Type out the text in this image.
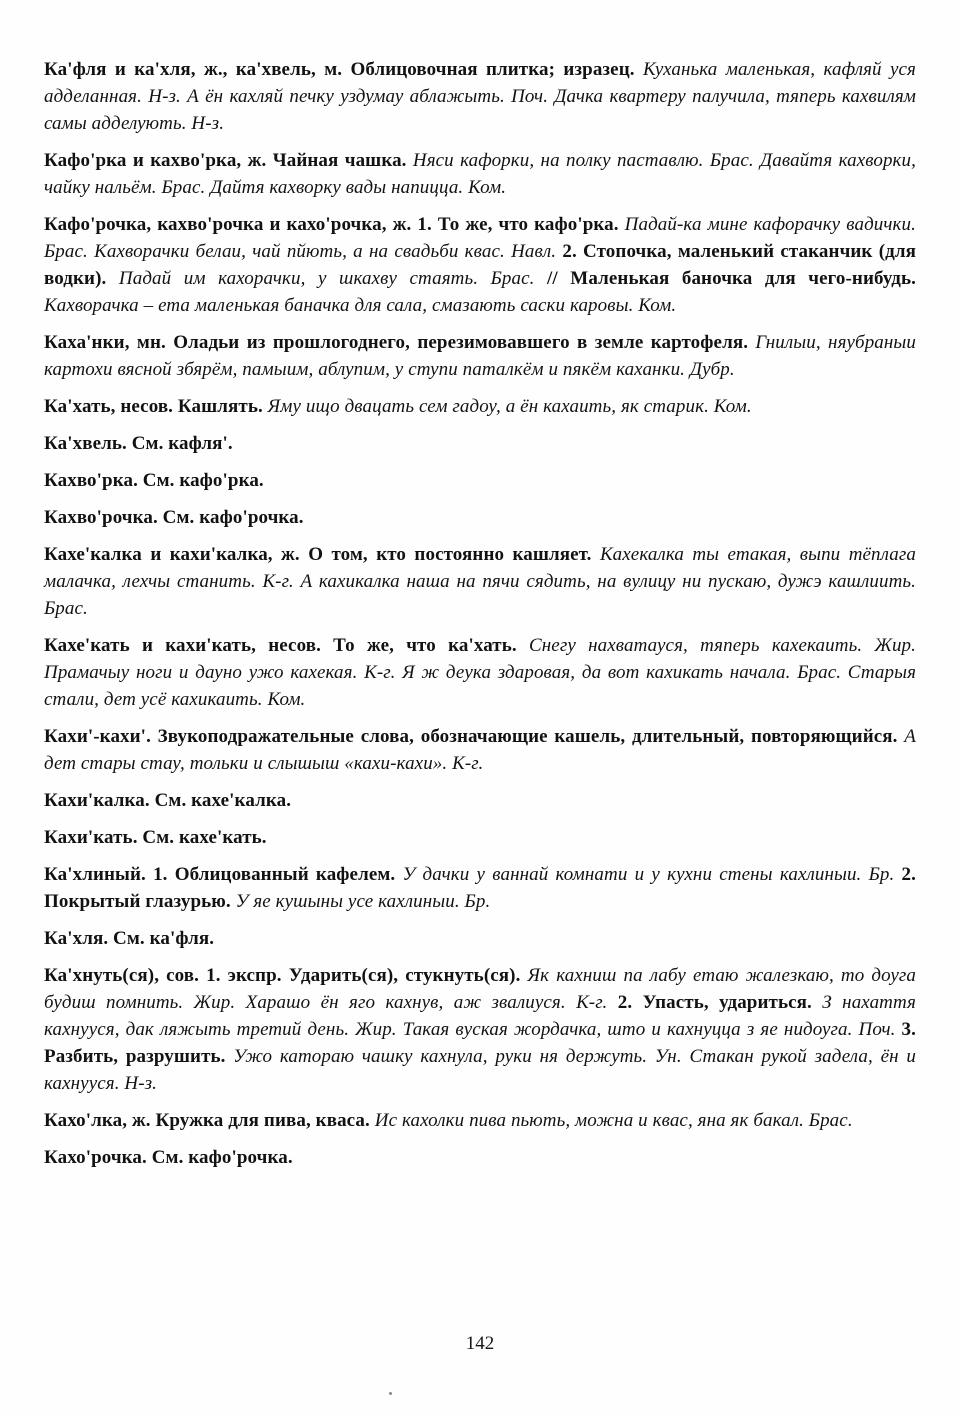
Ка'фля и ка'хля, ж., ка'хвель, м. Облицовочная плитка; изразец. Куханька маленькая, кафляй уся адделанная. Н-з. А ён кахляй печку уздумау аблажыть. Поч. Дачка квартеру палучила, тяперь кахвилям самы адделують. Н-з.

Кафо'рка и кахво'рка, ж. Чайная чашка. Няси кафорки, на полку паставлю. Брас. Давайтя кахворки, чайку нальём. Брас. Дайтя кахворку вады напицца. Ком.

Кафо'рочка, кахво'рочка и кахо'рочка, ж. 1. То же, что кафо'рка. Падай-ка мине кафорачку вадички. Брас. Кахворачки белаи, чай пйють, а на свадьби квас. Навл. 2. Стопочка, маленький стаканчик (для водки). Падай им кахорачки, у шкахву стаять. Брас. // Маленькая баночка для чего-нибудь. Кахворачка – ета маленькая баначка для сала, смазають саски каровы. Ком.

Каха'нки, мн. Оладьи из прошлогоднего, перезимовавшего в земле картофеля. Гнилыи, няубраныи картохи вясной збярём, памыим, аблупим, у ступи паталкём и пякём каханки. Дубр.

Ка'хать, несов. Кашлять. Яму ищо двацать сем гадоу, а ён кахаить, як старик. Ком.

Ка'хвель. См. кафля'.

Кахво'рка. См. кафо'рка.

Кахво'рочка. См. кафо'рочка.

Кахе'калка и кахи'калка, ж. О том, кто постоянно кашляет. Кахекалка ты етакая, выпи тёплага малачка, лехчы станить. К-г. А кахикалка наша на пячи сядить, на вулицу ни пускаю, дужэ кашлиить. Брас.

Кахе'кать и кахи'кать, несов. То же, что ка'хать. Снегу нахватауся, тяперь кахекаить. Жир. Прамачыу ноги и дауно ужо кахекая. К-г. Я ж деука здаровая, да вот кахикать начала. Брас. Старыя стали, дет усё кахикаить. Ком.

Кахи'-кахи'. Звукоподражательные слова, обозначающие кашель, длительный, повторяющийся. А дет стары стау, тольки и слышыш «кахи-кахи». К-г.

Кахи'калка. См. кахе'калка.

Кахи'кать. См. кахе'кать.

Ка'хлиный. 1. Облицованный кафелем. У дачки у ваннай комнати и у кухни стены кахлиныи. Бр. 2. Покрытый глазурью. У яе кушыны усе кахлиныи. Бр.

Ка'хля. См. ка'фля.

Ка'хнуть(ся), сов. 1. экспр. Ударить(ся), стукнуть(ся). Як кахниш па лабу етаю жалезкаю, то доуга будиш помнить. Жир. Харашо ён яго кахнув, аж звалиуся. К-г. 2. Упасть, удариться. З нахаття кахнууся, дак ляжыть третий день. Жир. Такая вуская жордачка, што и кахнуцца з яе нидоуга. Поч. 3. Разбить, разрушить. Ужо катораю чашку кахнула, руки ня держуть. Ун. Стакан рукой задела, ён и кахнууся. Н-з.

Кахо'лка, ж. Кружка для пива, кваса. Ис кахолки пива пьють, можна и квас, яна як бакал. Брас.

Кахо'рочка. См. кафо'рочка.

142
